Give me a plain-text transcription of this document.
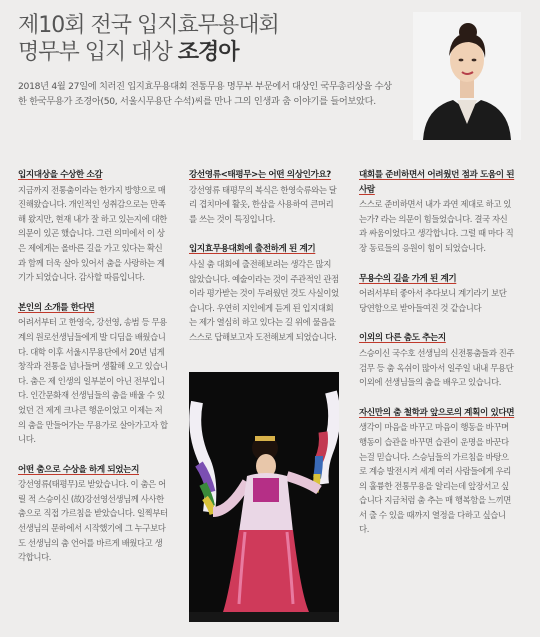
제10회 전국 입지효무용대회
명무부 입지 대상 조경아
2018년 4월 27일에 치러진 입지효무용대회 전통무용 명무부 부문에서 대상인 국무총리상을 수상한 한국무용가 조경아(50, 서울시무용단 수석)씨를 만나 그의 인생과 춤 이야기를 들어보았다.
입지대상을 수상한 소감

지금까지 전통춤이라는 한가지 방향으로 매진해왔습니다. 개인적인 성취감으로는 만족해 왔지만, 현재 내가 잘 하고 있는지에 대한 의문이 있곤 했습니다. 그런 의미에서 이 상은 제에게는 올바른 길을 가고 있다는 확신과 함께 더욱 살아 있어서 춤을 사랑하는 계기가 되었습니다. 감사할 따름입니다.

본인의 소개를 한다면

어려서부터 고 한영숙, 강선영, 송범 등 무용계의 원로선생님들에게 발 디딤을 배웠습니다. 대학 이후 서울시무용단에서 20년 넘게 창작과 전통을 넘나들며 생활해 오고 있습니다. 춤은 제 인생의 일부분이 아닌 전부입니다. 인간문화재 선생님들의 춤을 배울 수 있었던 건 제게 크나큰 행운이었고 이제는 저의 춤을 만들어가는 무용가로 살아가고자 합니다.

어떤 춤으로 수상을 하게 되었는지

강선영류(태평무)로 받았습니다. 이 춤은 어릴 적 스승이신 (故)강선영선생님께 사사한 춤으로 직접 가르침을 받았습니다. 일찍부터 선생님의 문하에서 시작했기에 그 누구보다도 선생님의 춤 언어를 바르게 배웠다고 생각합니다.

강선영류<태평무>는 어떤 의상인가요?

강선영류 태평무의 복식은 한영숙류와는 달리 겹치마에 활옷, 한삼을 사용하여 큰머리를 쓰는 것이 특징입니다.

입지효무용대회에 출전하게 된 계기

사실 춤 대회에 출전해보려는 생각은 많지 않았습니다. 예술이라는 것이 주관적인 관점이라 평가받는 것이 두려웠던 것도 사실이었습니다. 우연히 지인에게 듣게 된 입지대회는 제가 열심히 하고 있다는 길 위에 물음을 스스로 답해보고자 도전해보게 되었습니다.

대회를 준비하면서 어려웠던 점과 도움이 된 사람

스스로 준비하면서 내가 과연 제대로 하고 있는가? 라는 의문이 힘들었습니다. 결국 자신과 싸움이었다고 생각합니다. 그럴 때 마다 직장 동료들의 응원이 힘이 되었습니다.

무용수의 길을 가게 된 계기

어려서부터 좋아서 추다보니 계기라기 보단 당연함으로 받아들여진 것 같습니다

이외의 다른 춤도 추는지

스승이신 국수호 선생님의 신전통춤들과 진주검무 등 춤 옥쉬이 많아서 일주일 내내 무용단 이외에 선생님들의 춤을 배우고 있습니다.

자신만의 춤 철학과 앞으로의 계획이 있다면

생각이 마음을 바꾸고 마음이 행동을 바꾸며 행동이 습관을 바꾸면 습관이 운명을 바꾼다는걸 믿습니다. 스승님들의 가르침을 바탕으로 계승 발전시켜 세계 여러 사람들에게 우리의 훌륭한 전통무용을 알리는데 앞장서고 싶습니다 지금처럼 춤 추는 매 행복함을 느끼면서 출 수 있을 때까지 열정을 다하고 싶습니다.
